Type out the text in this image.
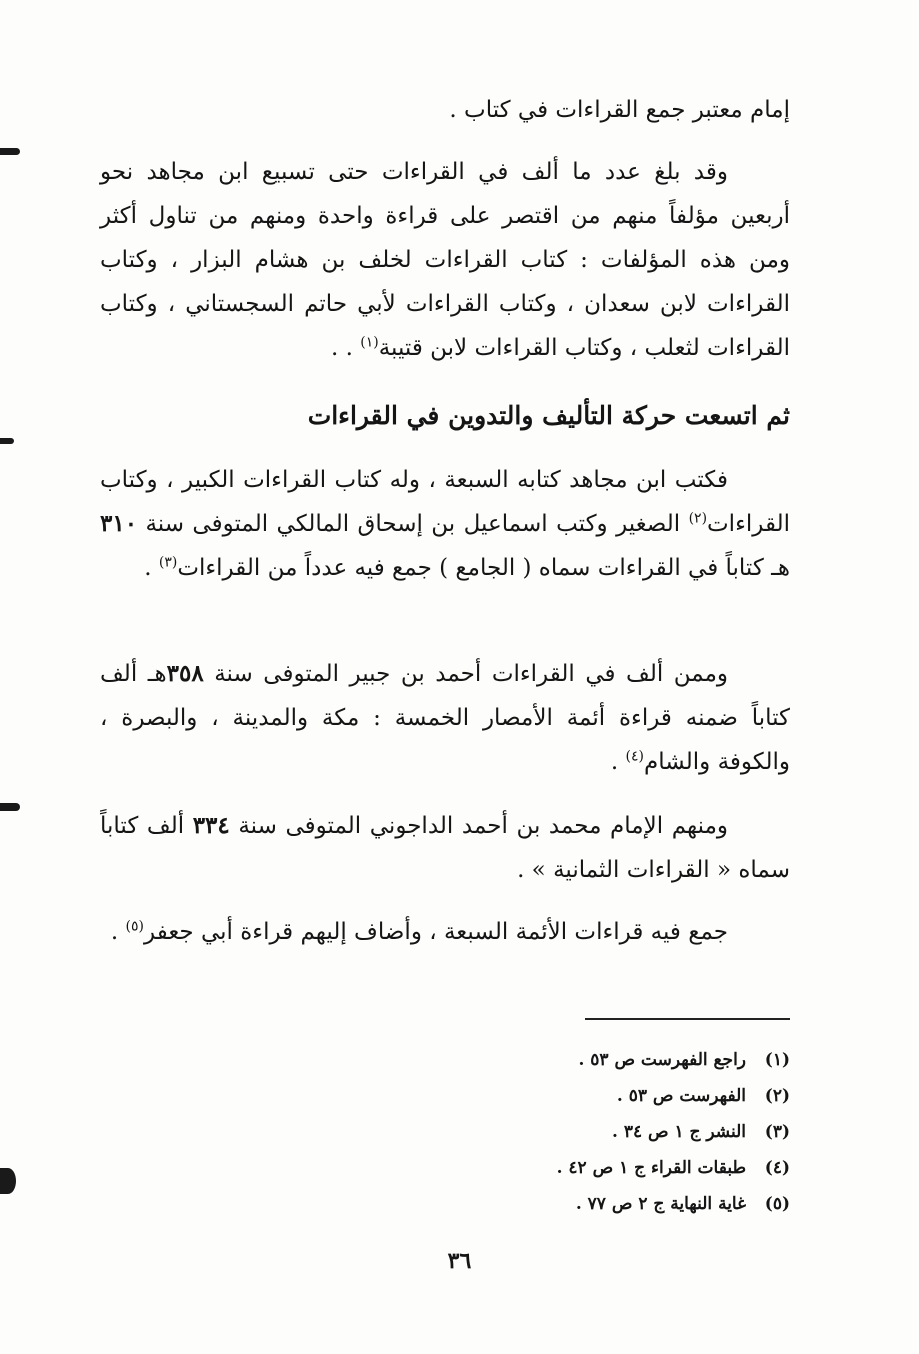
إمام معتبر جمع القراءات في كتاب .

وقد بلغ عدد ما ألف في القراءات حتى تسبيع ابن مجاهد نحو أربعين مؤلفاً منهم من اقتصر على قراءة واحدة ومنهم من تناول أكثر ومن هذه المؤلفات : كتاب القراءات لخلف بن هشام البزار ، وكتاب القراءات لابن سعدان ، وكتاب القراءات لأبي حاتم السجستاني ، وكتاب القراءات لثعلب ، وكتاب القراءات لابن قتيبة$^{(١)}$ . .

ثم اتسعت حركة التأليف والتدوين في القراءات

فكتب ابن مجاهد كتابه السبعة ، وله كتاب القراءات الكبير ، وكتاب القراءات$^{(٢)}$ الصغير وكتب اسماعيل بن إسحاق المالكي المتوفى سنة ٣١٠ هـ كتاباً في القراءات سماه ( الجامع ) جمع فيه عدداً من القراءات$^{(٣)}$ .

وممن ألف في القراءات أحمد بن جبير المتوفى سنة ٣٥٨هـ ألف كتاباً ضمنه قراءة أئمة الأمصار الخمسة : مكة والمدينة ، والبصرة ، والكوفة والشام$^{(٤)}$ .

ومنهم الإمام محمد بن أحمد الداجوني المتوفى سنة ٣٣٤ ألف كتاباً سماه « القراءات الثمانية » .

جمع فيه قراءات الأئمة السبعة ، وأضاف إليهم قراءة أبي جعفر$^{(٥)}$ .

(١)راجع الفهرست ص ٥٣ .
(٢)الفهرست ص ٥٣ .
(٣)النشر ج ١ ص ٣٤ .
(٤)طبقات القراء ج ١ ص ٤٢ .
(٥)غاية النهاية ج ٢ ص ٧٧ .
٣٦
